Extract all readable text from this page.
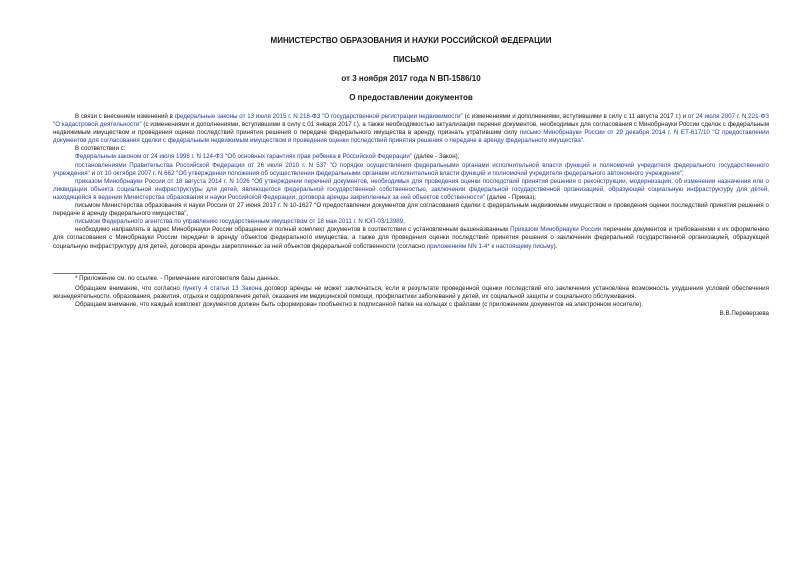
МИНИСТЕРСТВО ОБРАЗОВАНИЯ И НАУКИ РОССИЙСКОЙ ФЕДЕРАЦИИ
ПИСЬМО
от 3 ноября 2017 года N ВП-1586/10
О предоставлении документов

В связи с внесением изменений в федеральные законы от 13 июля 2015 г. N 218-ФЗ "О государственной регистрации недвижимости" (с изменениями и дополнениями, вступившими в силу с 11 августа 2017 г.) и от 24 июля 2007 г. N 221-ФЗ "О кадастровой деятельности" (с изменениями и дополнениями, вступившими в силу с 01 января 2017 г.), а также необходимостью актуализации перечня документов, необходимых для согласования с Минобрнауки России сделок с федеральным недвижимым имуществом и проведения оценки последствий принятия решения о передаче федерального имущества в аренду, признать утратившим силу письмо Минобрнауки России от 29 декабря 2014 г. N ЕТ-617/10 "О предоставлении документов для согласования сделки с федеральным недвижимым имуществом и проведения оценки последствий принятия решения о передаче в аренду федерального имущества".

В соответствии с:

Федеральным законом от 24 июля 1998 г. N 124-ФЗ "Об основных гарантиях прав ребенка в Российской Федерации" (далее - Закон);

постановлениями Правительства Российской Федерации от 26 июля 2010 г. N 537 "О порядке осуществления федеральными органами исполнительной власти функций и полномочий учредителя федерального государственного учреждения" и от 10 октября 2007 г. N 662 "Об утверждении положения об осуществлении федеральными органами исполнительной власти функций и полномочий учредителя федерального автономного учреждения";

приказом Минобрнауки России от 18 августа 2014 г. N 1026 "Об утверждении перечней документов, необходимых для проведения оценки последствий принятия решения о реконструкции, модернизации, об изменении назначения или о ликвидации объекта социальной инфраструктуры для детей, являющегося федеральной государственной собственностью, заключении федеральной государственной организацией, образующей социальную инфраструктуру для детей, находящейся в ведении Министерства образования и науки Российской Федерации, договора аренды закрепленных за ней объектов собственности" (далее - Приказ);

письмом Министерства образования и науки России от 27 июня 2017 г. N 10-1627 "О предоставлении документов для согласования сделки с федеральным недвижимым имуществом и проведения оценки последствий принятия решения о передаче в аренду федерального имущества",

письмом Федерального агентства по управлению государственным имуществом от 18 мая 2011 г. N ЮП-03/13989,

необходимо направлять в адрес Минобрнауки России обращение и полный комплект документов в соответствии с установленным вышеназванным Приказом Минобрнауки России перечнем документов и требованиями к их оформлению для согласования с Минобрнауки России передачи в аренду объектов федерального имущества, а также для проведения оценки последствий принятия решения о заключении федеральной государственной организацией, образующей социальную инфраструктуру для детей, договора аренды закрепленных за ней объектов федеральной собственности (согласно приложениям NN 1-4* к настоящему письму).

* Приложение см. по ссылке. - Примечание изготовителя базы данных.

Обращаем внимание, что согласно пункту 4 статьи 13 Закона договор аренды не может заключаться, если в результате проведенной оценки последствий его заключения установлена возможность ухудшения условий обеспечения жизнедеятельности, образования, развития, отдыха и оздоровления детей, оказания им медицинской помощи, профилактики заболеваний у детей, их социальной защиты и социального обслуживания.

Обращаем внимание, что каждый комплект документов должен быть сформирован пообъектно в подписанной папке на кольцах с файлами (с приложением документов на электронном носителе).

В.В.Переверзева
